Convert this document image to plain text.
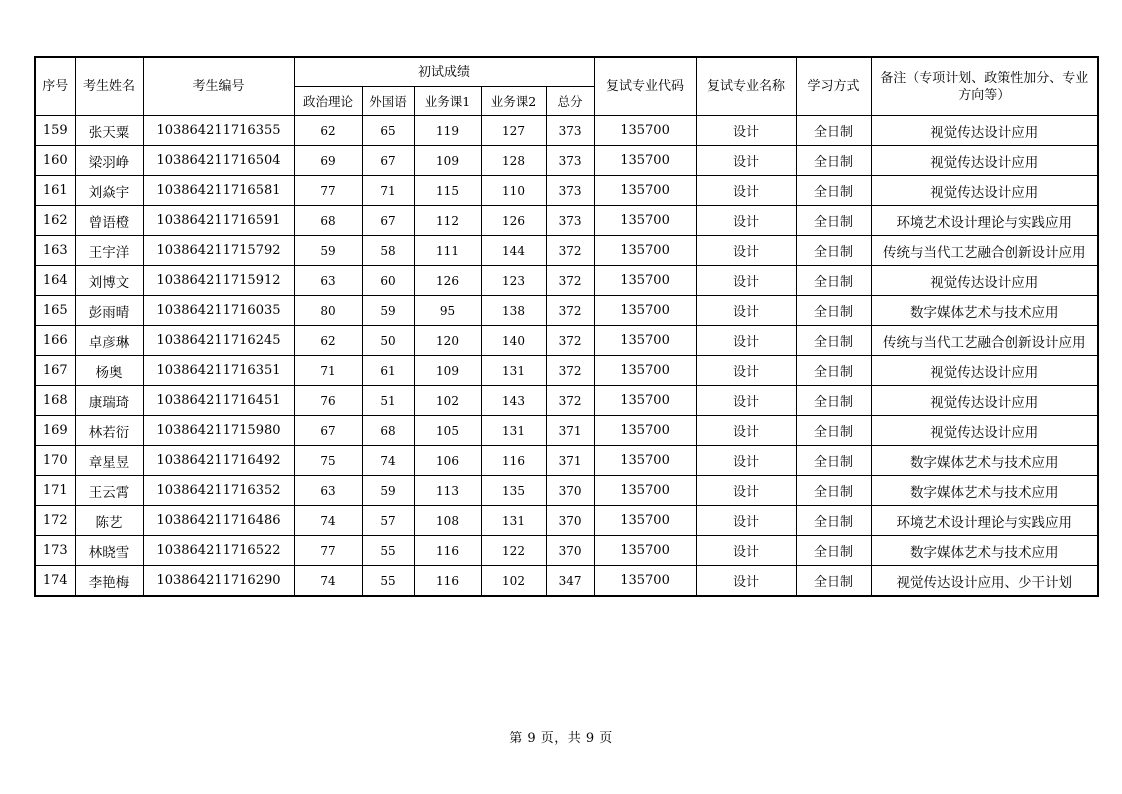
序号	考生姓名	考生编号	初试成绩					复试专业代码	复试专业名称	学习方式	备注（专项计划、政策性加分、专业方向等）
			政治理论	外国语	业务课1	业务课2	总分				
159	张天粟	103864211716355	62	65	119	127	373	135700	设计	全日制	视觉传达设计应用
160	梁羽峥	103864211716504	69	67	109	128	373	135700	设计	全日制	视觉传达设计应用
161	刘焱宇	103864211716581	77	71	115	110	373	135700	设计	全日制	视觉传达设计应用
162	曾语橙	103864211716591	68	67	112	126	373	135700	设计	全日制	环境艺术设计理论与实践应用
163	王宇洋	103864211715792	59	58	111	144	372	135700	设计	全日制	传统与当代工艺融合创新设计应用
164	刘博文	103864211715912	63	60	126	123	372	135700	设计	全日制	视觉传达设计应用
165	彭雨晴	103864211716035	80	59	95	138	372	135700	设计	全日制	数字媒体艺术与技术应用
166	卓彦琳	103864211716245	62	50	120	140	372	135700	设计	全日制	传统与当代工艺融合创新设计应用
167	杨奥	103864211716351	71	61	109	131	372	135700	设计	全日制	视觉传达设计应用
168	康瑞琦	103864211716451	76	51	102	143	372	135700	设计	全日制	视觉传达设计应用
169	林若衍	103864211715980	67	68	105	131	371	135700	设计	全日制	视觉传达设计应用
170	章星昱	103864211716492	75	74	106	116	371	135700	设计	全日制	数字媒体艺术与技术应用
171	王云霄	103864211716352	63	59	113	135	370	135700	设计	全日制	数字媒体艺术与技术应用
172	陈艺	103864211716486	74	57	108	131	370	135700	设计	全日制	环境艺术设计理论与实践应用
173	林晓雪	103864211716522	77	55	116	122	370	135700	设计	全日制	数字媒体艺术与技术应用
174	李艳梅	103864211716290	74	55	116	102	347	135700	设计	全日制	视觉传达设计应用、少干计划
第 9 页，共 9 页
